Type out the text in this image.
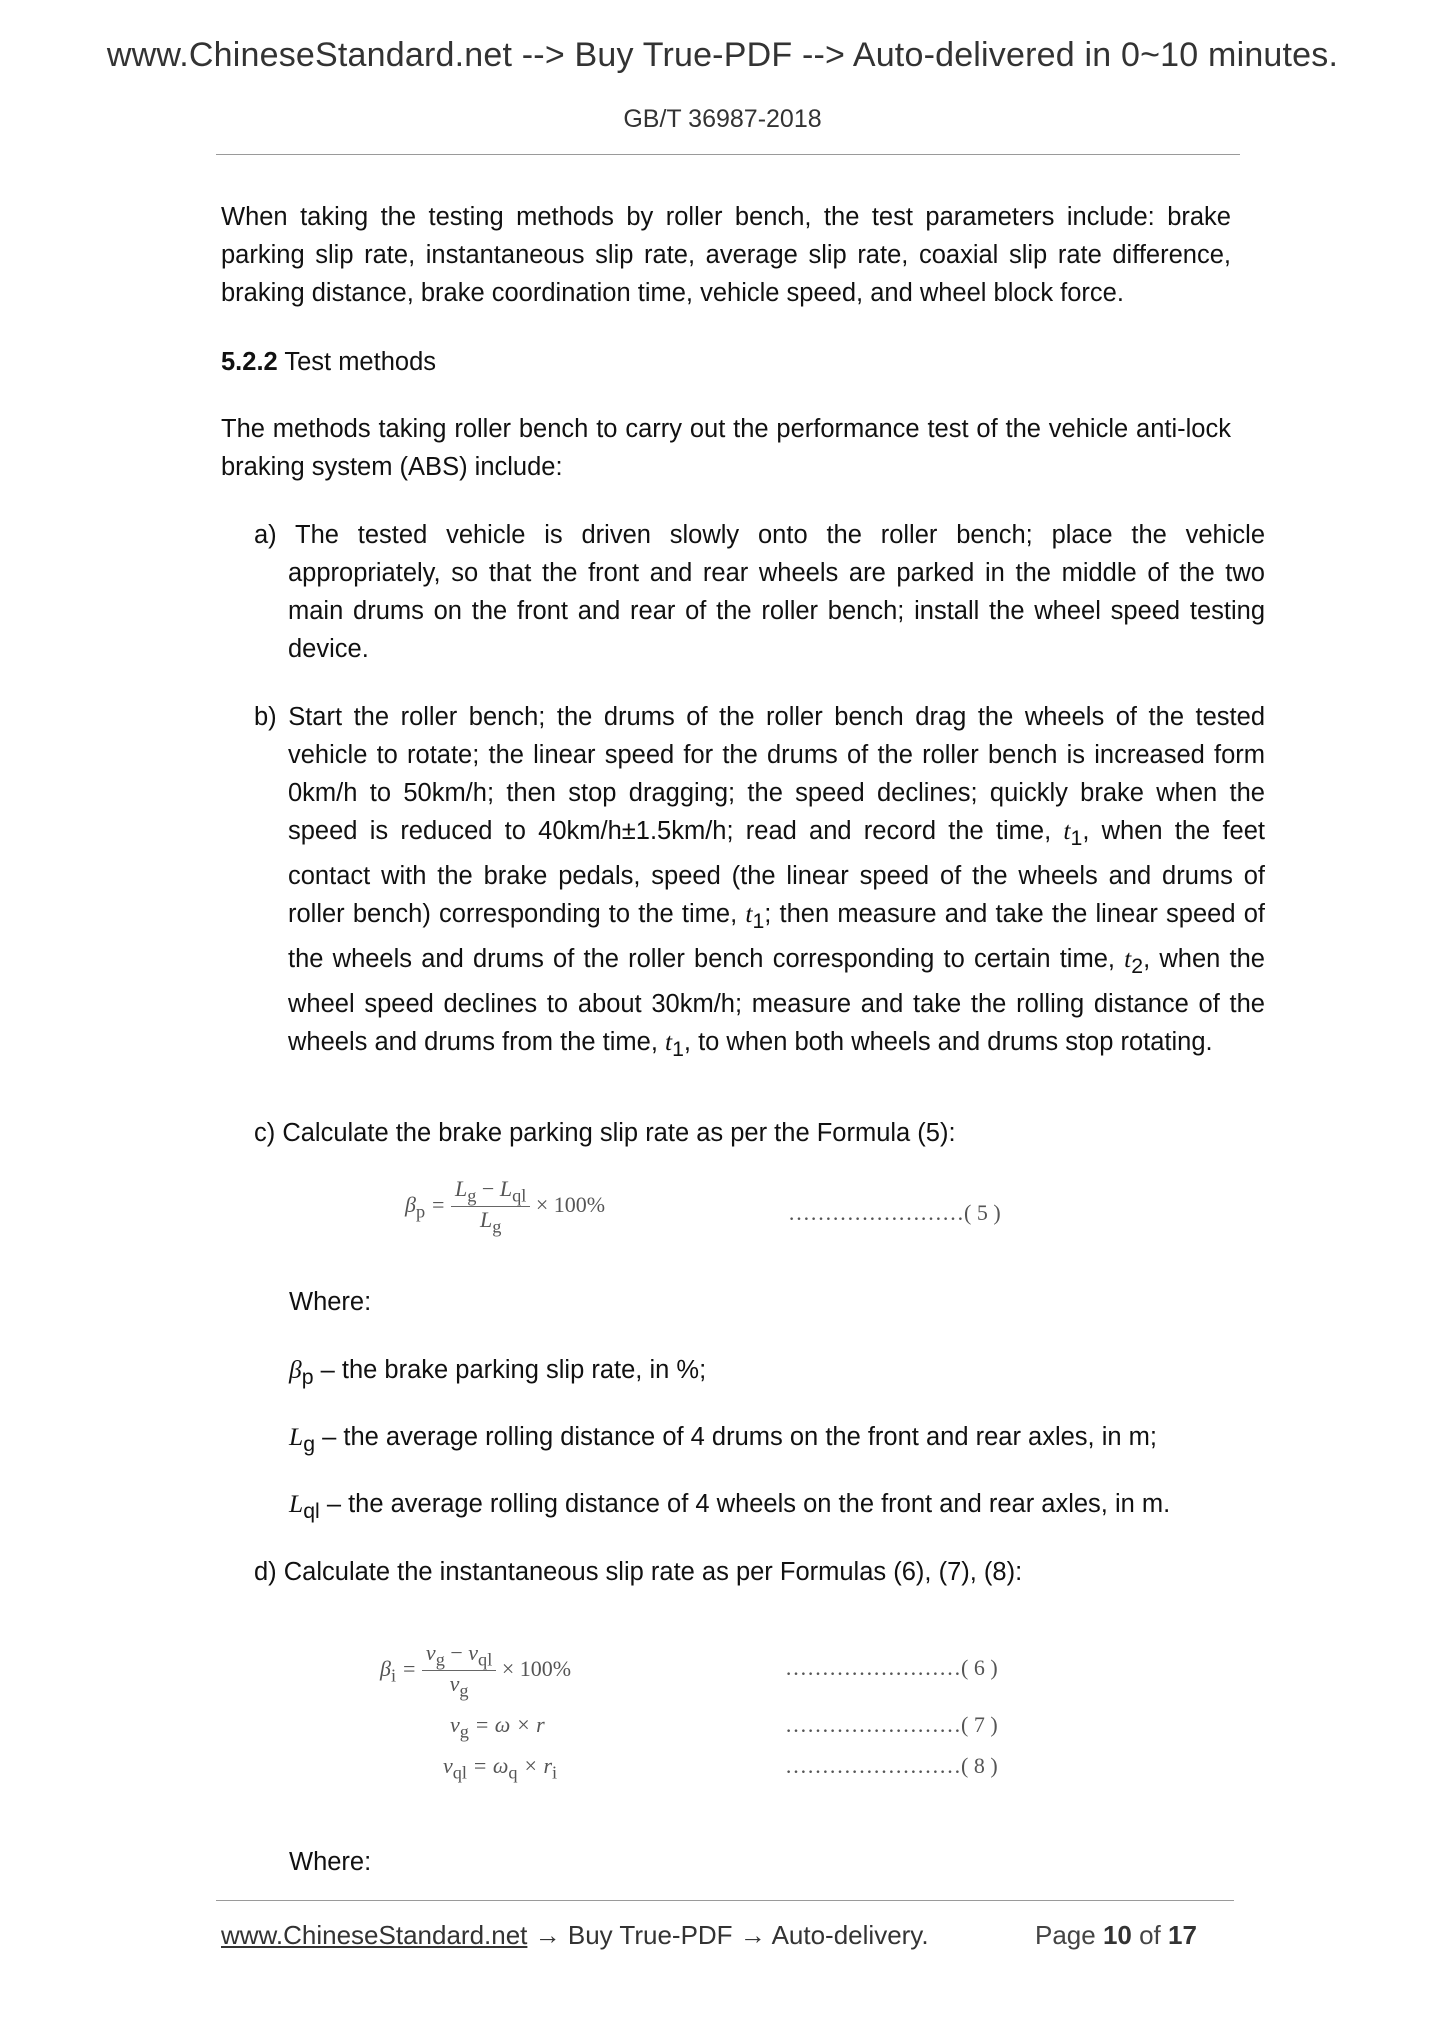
www.ChineseStandard.net --> Buy True-PDF --> Auto-delivered in 0~10 minutes.
GB/T 36987-2018
When taking the testing methods by roller bench, the test parameters include: brake parking slip rate, instantaneous slip rate, average slip rate, coaxial slip rate difference, braking distance, brake coordination time, vehicle speed, and wheel block force.
5.2.2 Test methods
The methods taking roller bench to carry out the performance test of the vehicle anti-lock braking system (ABS) include:
a) The tested vehicle is driven slowly onto the roller bench; place the vehicle appropriately, so that the front and rear wheels are parked in the middle of the two main drums on the front and rear of the roller bench; install the wheel speed testing device.
b) Start the roller bench; the drums of the roller bench drag the wheels of the tested vehicle to rotate; the linear speed for the drums of the roller bench is increased form 0km/h to 50km/h; then stop dragging; the speed declines; quickly brake when the speed is reduced to 40km/h±1.5km/h; read and record the time, $t_1$, when the feet contact with the brake pedals, speed (the linear speed of the wheels and drums of roller bench) corresponding to the time, $t_1$; then measure and take the linear speed of the wheels and drums of the roller bench corresponding to certain time, $t_2$, when the wheel speed declines to about 30km/h; measure and take the rolling distance of the wheels and drums from the time, $t_1$, to when both wheels and drums stop rotating.
c) Calculate the brake parking slip rate as per the Formula (5):
$\beta_p = \frac{L_g - L_{ql}}{L_g} \times 100\%$	……………………( 5 )
Where:
$\beta_p$ – the brake parking slip rate, in %;
$L_g$ – the average rolling distance of 4 drums on the front and rear axles, in m;
$L_{ql}$ – the average rolling distance of 4 wheels on the front and rear axles, in m.
d) Calculate the instantaneous slip rate as per Formulas (6), (7), (8):
$\beta_i = \frac{v_g - v_{ql}}{v_g} \times 100\%$	……………………( 6 )
$v_g = \omega \times r$	……………………( 7 )
$v_{ql} = \omega_q \times r_i$	……………………( 8 )
Where:
www.ChineseStandard.net → Buy True-PDF → Auto-delivery.	Page 10 of 17
